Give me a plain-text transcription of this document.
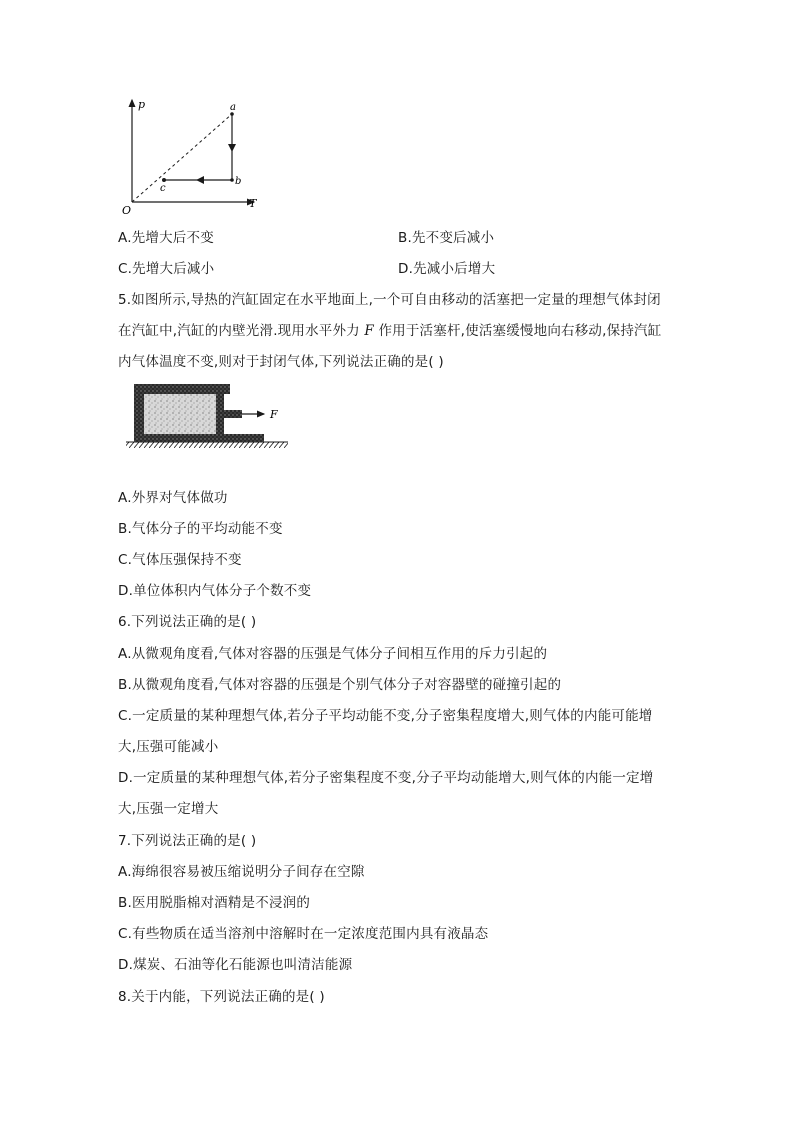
p
T
O
a
b
c
A.先增大后不变	B.先不变后减小
C.先增大后减小	D.先减小后增大
5.如图所示,导热的汽缸固定在水平地面上,一个可自由移动的活塞把一定量的理想气体封闭
在汽缸中,汽缸的内壁光滑.现用水平外力 F 作用于活塞杆,使活塞缓慢地向右移动,保持汽缸
内气体温度不变,则对于封闭气体,下列说法正确的是( )
F
A.外界对气体做功
B.气体分子的平均动能不变
C.气体压强保持不变
D.单位体积内气体分子个数不变
6.下列说法正确的是( )
A.从微观角度看,气体对容器的压强是气体分子间相互作用的斥力引起的
B.从微观角度看,气体对容器的压强是个别气体分子对容器壁的碰撞引起的
C.一定质量的某种理想气体,若分子平均动能不变,分子密集程度增大,则气体的内能可能增
大,压强可能减小
D.一定质量的某种理想气体,若分子密集程度不变,分子平均动能增大,则气体的内能一定增
大,压强一定增大
7.下列说法正确的是( )
A.海绵很容易被压缩说明分子间存在空隙
B.医用脱脂棉对酒精是不浸润的
C.有些物质在适当溶剂中溶解时在一定浓度范围内具有液晶态
D.煤炭、石油等化石能源也叫清洁能源
8.关于内能，下列说法正确的是( )
